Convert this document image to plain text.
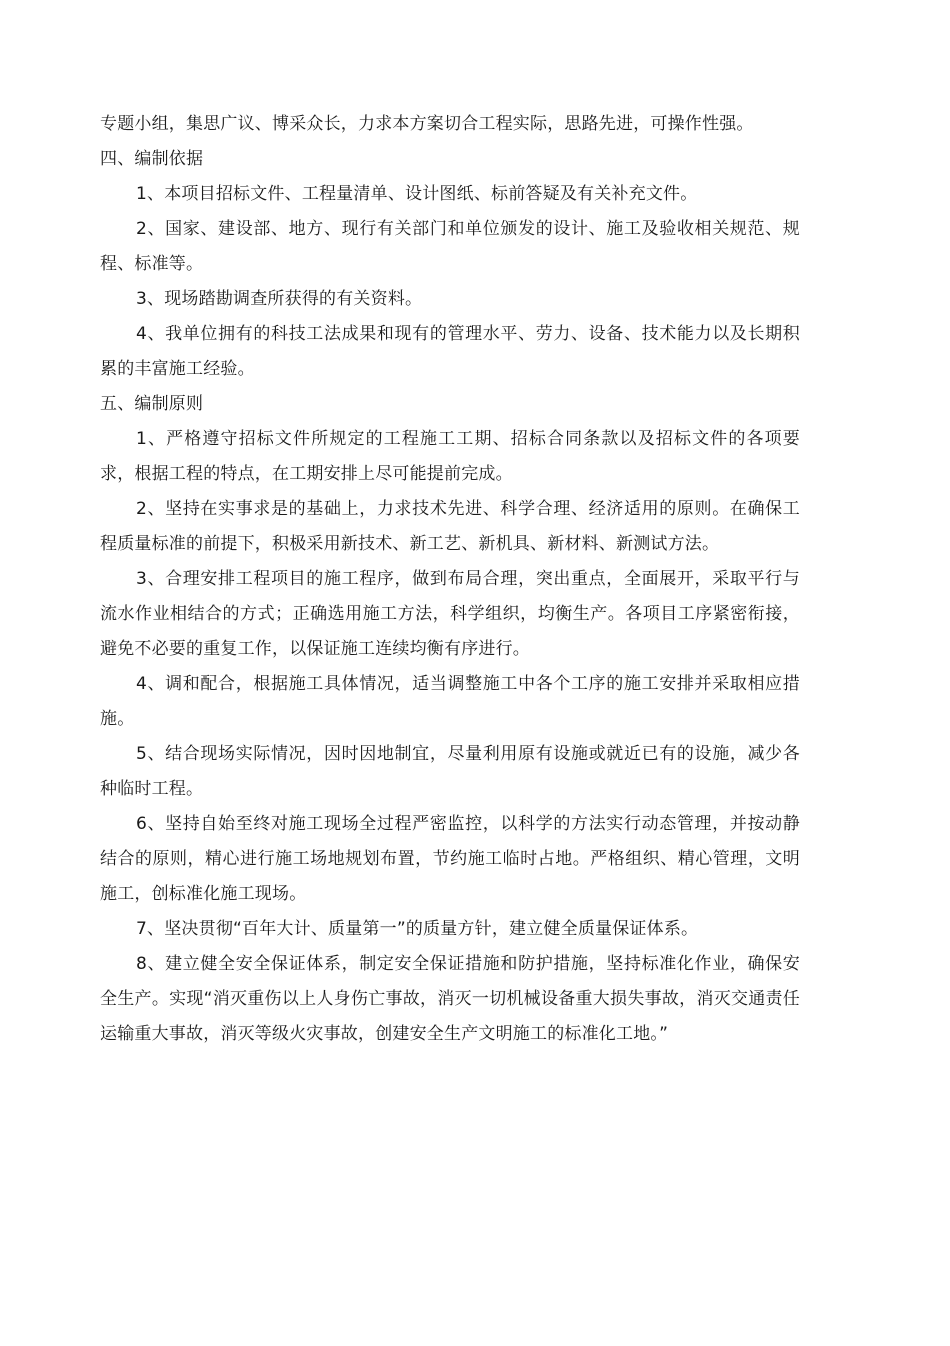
专题小组，集思广议、博采众长，力求本方案切合工程实际，思路先进，可操作性强。

四、编制依据

1、本项目招标文件、工程量清单、设计图纸、标前答疑及有关补充文件。

2、国家、建设部、地方、现行有关部门和单位颁发的设计、施工及验收相关规范、规程、标准等。

3、现场踏勘调查所获得的有关资料。

4、我单位拥有的科技工法成果和现有的管理水平、劳力、设备、技术能力以及长期积累的丰富施工经验。

五、编制原则

1、严格遵守招标文件所规定的工程施工工期、招标合同条款以及招标文件的各项要求，根据工程的特点，在工期安排上尽可能提前完成。

2、坚持在实事求是的基础上，力求技术先进、科学合理、经济适用的原则。在确保工程质量标准的前提下，积极采用新技术、新工艺、新机具、新材料、新测试方法。

3、合理安排工程项目的施工程序，做到布局合理，突出重点，全面展开，采取平行与流水作业相结合的方式；正确选用施工方法，科学组织，均衡生产。各项目工序紧密衔接，避免不必要的重复工作，以保证施工连续均衡有序进行。

4、调和配合，根据施工具体情况，适当调整施工中各个工序的施工安排并采取相应措施。

5、结合现场实际情况，因时因地制宜，尽量利用原有设施或就近已有的设施，减少各种临时工程。

6、坚持自始至终对施工现场全过程严密监控，以科学的方法实行动态管理，并按动静结合的原则，精心进行施工场地规划布置，节约施工临时占地。严格组织、精心管理，文明施工，创标准化施工现场。

7、坚决贯彻“百年大计、质量第一”的质量方针，建立健全质量保证体系。

8、建立健全安全保证体系，制定安全保证措施和防护措施，坚持标准化作业，确保安全生产。实现“消灭重伤以上人身伤亡事故，消灭一切机械设备重大损失事故，消灭交通责任运输重大事故，消灭等级火灾事故，创建安全生产文明施工的标准化工地。”
